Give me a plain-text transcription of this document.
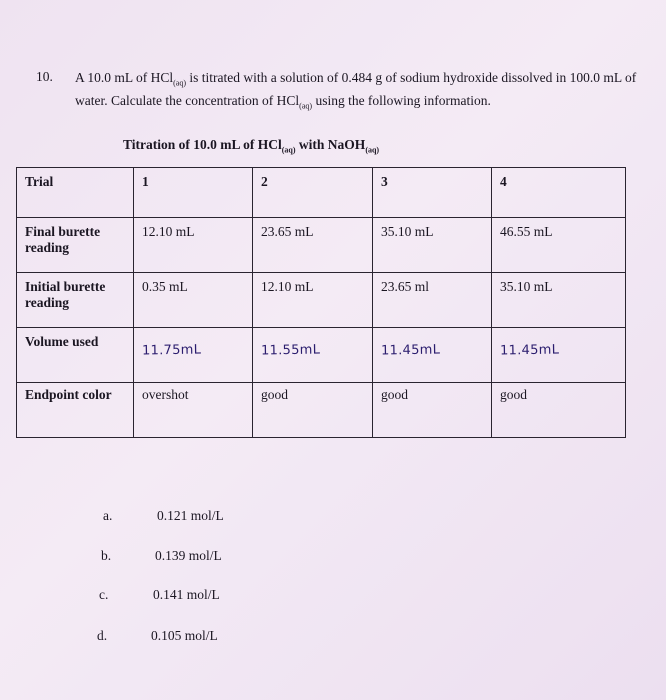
10. A 10.0 mL of HCl$_{(aq)}$ is titrated with a solution of 0.484 g of sodium hydroxide dissolved in 100.0 mL of water. Calculate the concentration of HCl$_{(aq)}$ using the following information.
Titration of 10.0 mL of HCl$_{(aq)}$ with NaOH$_{(aq)}$
Trial	1	2	3	4

Final burette reading	12.10 mL	23.65 mL	35.10 mL	46.55 mL

Initial burette reading	0.35 mL	12.10 mL	23.65 ml	35.10 mL

Volume used	11.75mL	11.55mL	11.45mL	11.45mL

Endpoint color	overshot	good	good	good
a.	0.121 mol/L
b.	0.139 mol/L
c.	0.141 mol/L
d.	0.105 mol/L
